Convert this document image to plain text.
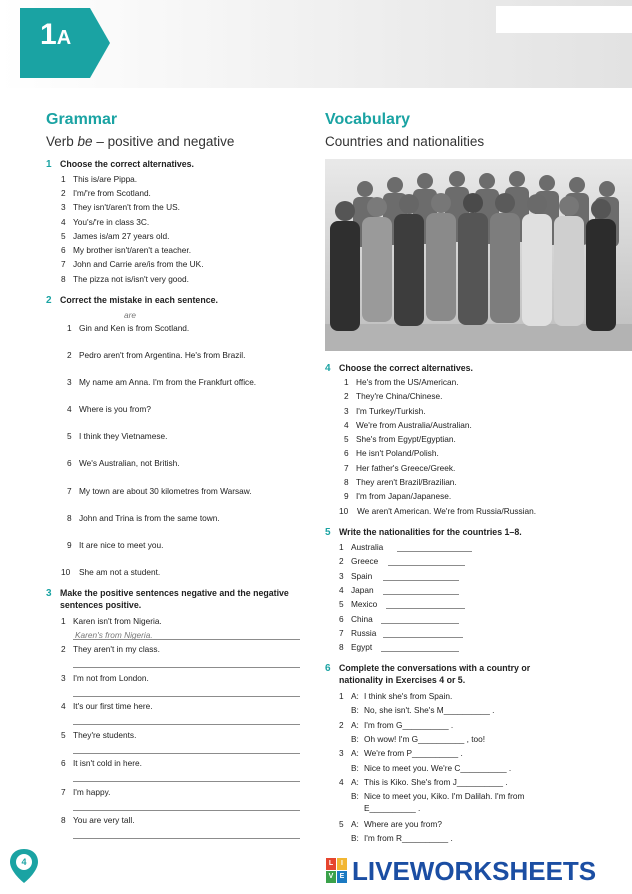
1A
Grammar
Verb be – positive and negative
1 Choose the correct alternatives.
1 This is/are Pippa.
2 I'm/'re from Scotland.
3 They isn't/aren't from the US.
4 You's/'re in class 3C.
5 James is/am 27 years old.
6 My brother isn't/aren't a teacher.
7 John and Carrie are/is from the UK.
8 The pizza not is/isn't very good.
2 Correct the mistake in each sentence.
are
1 Gin and Ken is from Scotland.
2 Pedro aren't from Argentina. He's from Brazil.
3 My name am Anna. I'm from the Frankfurt office.
4 Where is you from?
5 I think they Vietnamese.
6 We's Australian, not British.
7 My town are about 30 kilometres from Warsaw.
8 John and Trina is from the same town.
9 It are nice to meet you.
10 She am not a student.
3 Make the positive sentences negative and the negative
sentences positive.
1 Karen isn't from Nigeria.
Karen's from Nigeria.
2 They aren't in my class.
3 I'm not from London.
4 It's our first time here.
5 They're students.
6 It isn't cold in here.
7 I'm happy.
8 You are very tall.
Vocabulary
Countries and nationalities
4 Choose the correct alternatives.
1 He's from the US/American.
2 They're China/Chinese.
3 I'm Turkey/Turkish.
4 We're from Australia/Australian.
5 She's from Egypt/Egyptian.
6 He isn't Poland/Polish.
7 Her father's Greece/Greek.
8 They aren't Brazil/Brazilian.
9 I'm from Japan/Japanese.
10 We aren't American. We're from Russia/Russian.
5 Write the nationalities for the countries 1–8.
1 Australia
2 Greece
3 Spain
4 Japan
5 Mexico
6 China
7 Russia
8 Egypt
6 Complete the conversations with a country or
nationality in Exercises 4 or 5.
1 A: I think she's from Spain.
B: No, she isn't. She's M__________ .
2 A: I'm from G__________ .
B: Oh wow! I'm G__________ , too!
3 A: We're from P__________ .
B: Nice to meet you. We're C__________ .
4 A: This is Kiko. She's from J__________ .
B: Nice to meet you, Kiko. I'm Dalilah. I'm from
E__________ .
5 A: Where are you from?
B: I'm from R__________ .
4	L	I
V E LIVEWORKSHEETS
